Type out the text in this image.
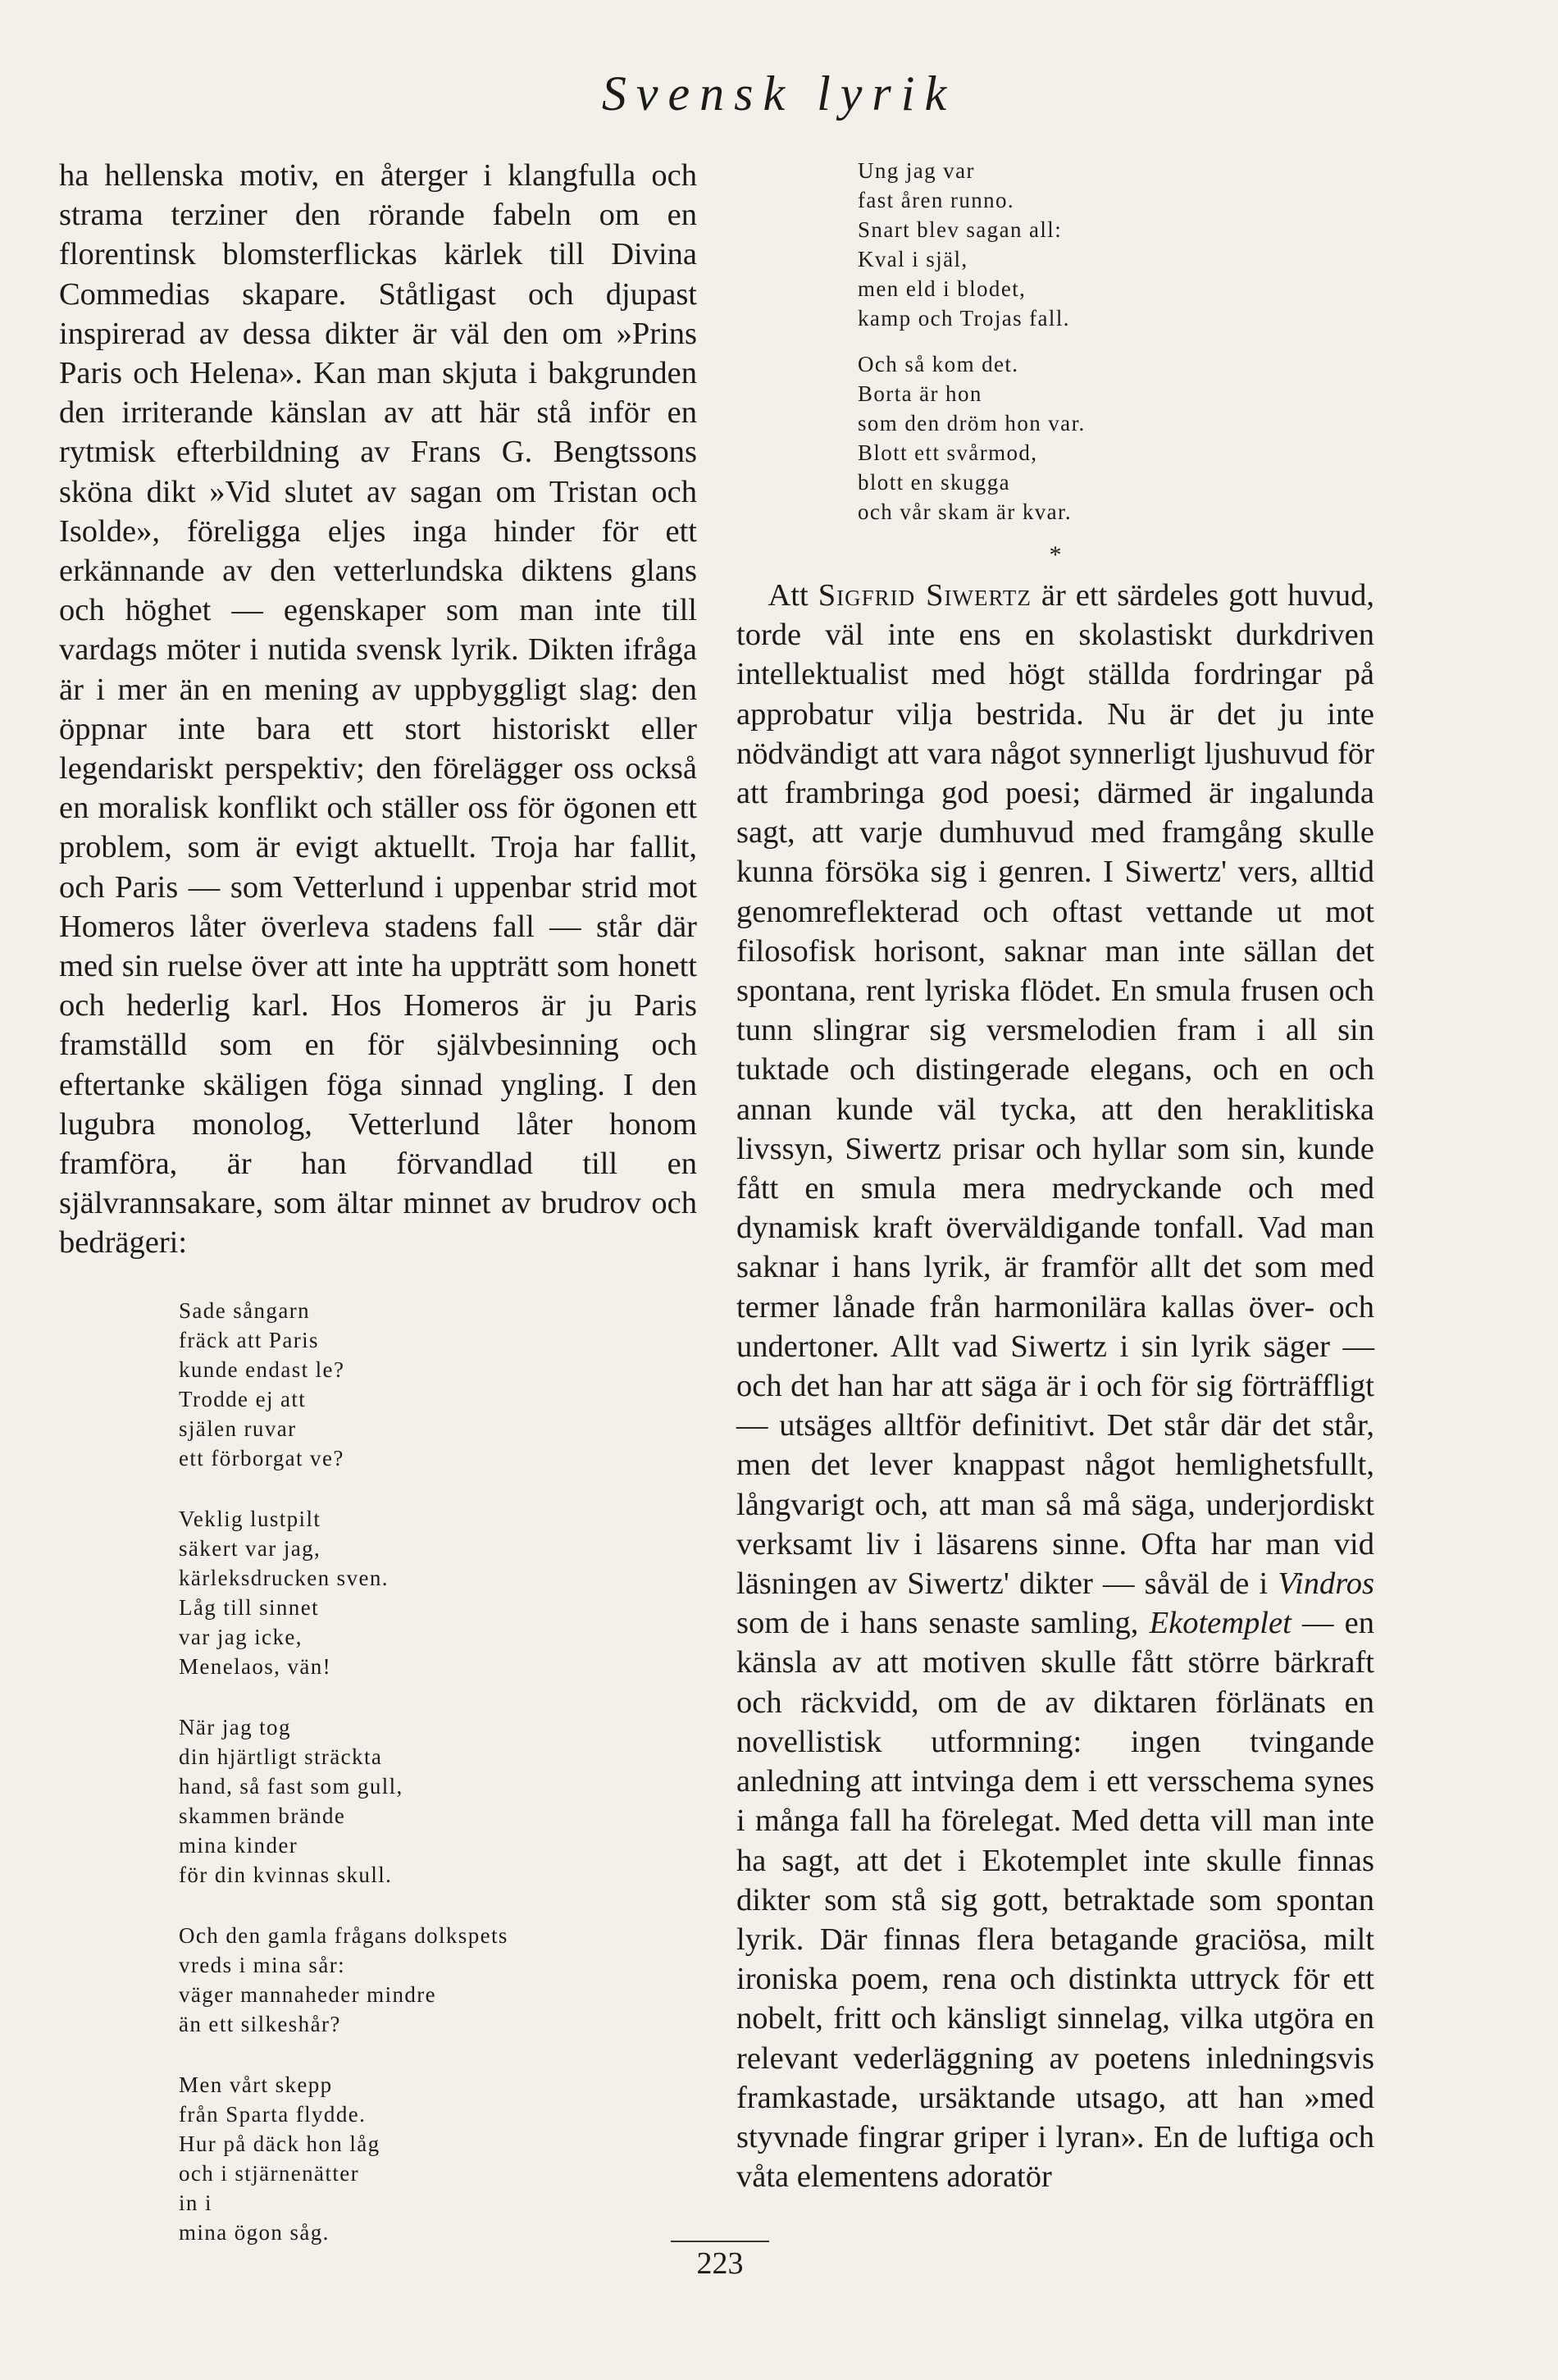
Svensk lyrik

ha hellenska motiv, en återger i klangfulla och strama terziner den rörande fabeln om en florentinsk blomsterflickas kärlek till Divina Commedias skapare. Ståtligast och djupast inspirerad av dessa dikter är väl den om »Prins Paris och Helena». Kan man skjuta i bakgrunden den irriterande känslan av att här stå inför en rytmisk efterbildning av Frans G. Bengtssons sköna dikt »Vid slutet av sagan om Tristan och Isolde», föreligga eljes inga hinder för ett erkännande av den vetterlundska diktens glans och höghet — egenskaper som man inte till vardags möter i nutida svensk lyrik. Dikten ifråga är i mer än en mening av uppbyggligt slag: den öppnar inte bara ett stort historiskt eller legendariskt perspektiv; den förelägger oss också en moralisk konflikt och ställer oss för ögonen ett problem, som är evigt aktuellt. Troja har fallit, och Paris — som Vetterlund i uppenbar strid mot Homeros låter överleva stadens fall — står där med sin ruelse över att inte ha uppträtt som honett och hederlig karl. Hos Homeros är ju Paris framställd som en för självbesinning och eftertanke skäligen föga sinnad yngling. I den lugubra monolog, Vetterlund låter honom framföra, är han förvandlad till en självrannsakare, som ältar minnet av brudrov och bedrägeri:

Sade sångarn
fräck att Paris
kunde endast le?
Trodde ej att
själen ruvar
ett förborgat ve?
Veklig lustpilt
säkert var jag,
kärleksdrucken sven.
Låg till sinnet
var jag icke,
Menelaos, vän!
När jag tog
din hjärtligt sträckta
hand, så fast som gull,
skammen brände
mina kinder
för din kvinnas skull.
Och den gamla frågans dolkspets
vreds i mina sår:
väger mannaheder mindre
än ett silkeshår?
Men vårt skepp
från Sparta flydde.
Hur på däck hon låg
och i stjärnenätter
in i
mina ögon såg.
Ung jag var
fast åren runno.
Snart blev sagan all:
Kval i själ,
men eld i blodet,
kamp och Trojas fall.
Och så kom det.
Borta är hon
som den dröm hon var.
Blott ett svårmod,
blott en skugga
och vår skam är kvar.
*

 Att Sigfrid Siwertz är ett särdeles gott huvud, torde väl inte ens en skolastiskt durkdriven intellektualist med högt ställda fordringar på approbatur vilja bestrida. Nu är det ju inte nödvändigt att vara något synnerligt ljushuvud för att frambringa god poesi; därmed är ingalunda sagt, att varje dumhuvud med framgång skulle kunna försöka sig i genren. I Siwertz' vers, alltid genomreflekterad och oftast vettande ut mot filosofisk horisont, saknar man inte sällan det spontana, rent lyriska flödet. En smula frusen och tunn slingrar sig versmelodien fram i all sin tuktade och distingerade elegans, och en och annan kunde väl tycka, att den heraklitiska livssyn, Siwertz prisar och hyllar som sin, kunde fått en smula mera medryckande och med dynamisk kraft överväldigande tonfall. Vad man saknar i hans lyrik, är framför allt det som med termer lånade från harmonilära kallas över- och undertoner. Allt vad Siwertz i sin lyrik säger — och det han har att säga är i och för sig förträffligt — utsäges alltför definitivt. Det står där det står, men det lever knappast något hemlighetsfullt, långvarigt och, att man så må säga, underjordiskt verksamt liv i läsarens sinne. Ofta har man vid läsningen av Siwertz' dikter — såväl de i Vindros som de i hans senaste samling, Ekotemplet — en känsla av att motiven skulle fått större bärkraft och räckvidd, om de av diktaren förlänats en novellistisk utformning: ingen tvingande anledning att intvinga dem i ett versschema synes i många fall ha förelegat. Med detta vill man inte ha sagt, att det i Ekotemplet inte skulle finnas dikter som stå sig gott, betraktade som spontan lyrik. Där finnas flera betagande graciösa, milt ironiska poem, rena och distinkta uttryck för ett nobelt, fritt och känsligt sinnelag, vilka utgöra en relevant vederläggning av poetens inledningsvis framkastade, ursäktande utsago, att han »med styvnade fingrar griper i lyran». En de luftiga och våta elementens adoratör

223
